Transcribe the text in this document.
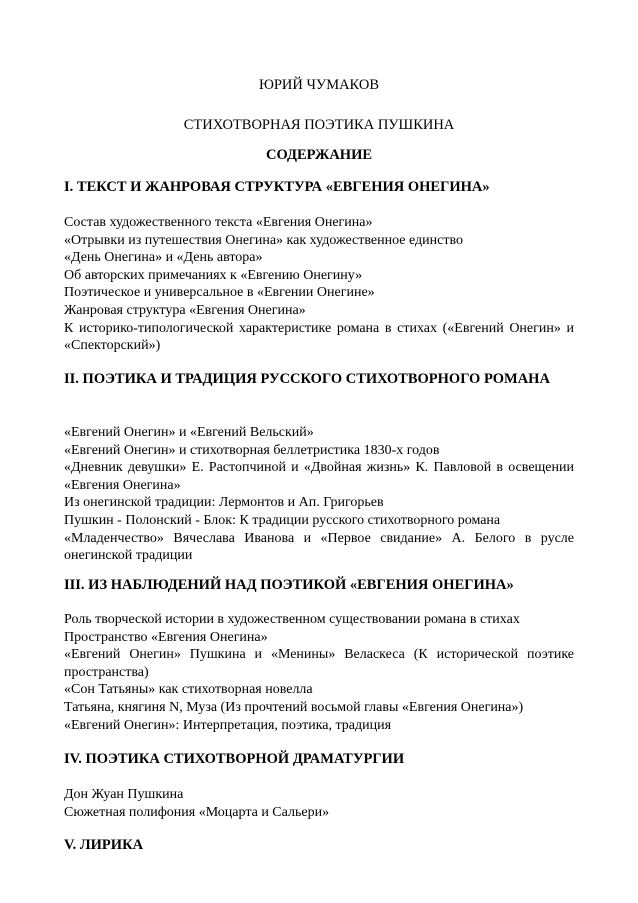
ЮРИЙ ЧУМАКОВ

СТИХОТВОРНАЯ ПОЭТИКА ПУШКИНА

СОДЕРЖАНИЕ

I. ТЕКСТ И ЖАНРОВАЯ СТРУКТУРА «ЕВГЕНИЯ ОНЕГИНА»

Состав художественного текста «Евгения Онегина»
«Отрывки из путешествия Онегина» как художественное единство
«День Онегина» и «День автора»
Об авторских примечаниях к «Евгению Онегину»
Поэтическое и универсальное в «Евгении Онегине»
Жанровая структура «Евгения Онегина»
К историко-типологической характеристике романа в стихах («Евгений Онегин» и «Спекторский»)

II. ПОЭТИКА И ТРАДИЦИЯ РУССКОГО СТИХОТВОРНОГО РОМАНА

«Евгений Онегин» и «Евгений Вельский»
«Евгений Онегин» и стихотворная беллетристика 1830-х годов
«Дневник девушки» Е. Растопчиной и «Двойная жизнь» К. Павловой в освещении «Евгения Онегина»
Из онегинской традиции: Лермонтов и Ап. Григорьев
Пушкин - Полонский - Блок: К традиции русского стихотворного романа
«Младенчество» Вячеслава Иванова и «Первое свидание» А. Белого в русле онегинской традиции

III. ИЗ НАБЛЮДЕНИЙ НАД ПОЭТИКОЙ «ЕВГЕНИЯ ОНЕГИНА»

Роль творческой истории в художественном существовании романа в стихах
Пространство «Евгения Онегина»
«Евгений Онегин» Пушкина и «Менины» Веласкеса (К исторической поэтике пространства)
«Сон Татьяны» как стихотворная новелла
Татьяна, княгиня N, Муза (Из прочтений восьмой главы «Евгения Онегина»)
«Евгений Онегин»: Интерпретация, поэтика, традиция

IV. ПОЭТИКА СТИХОТВОРНОЙ ДРАМАТУРГИИ

Дон Жуан Пушкина
Сюжетная полифония «Моцарта и Сальери»

V. ЛИРИКА
